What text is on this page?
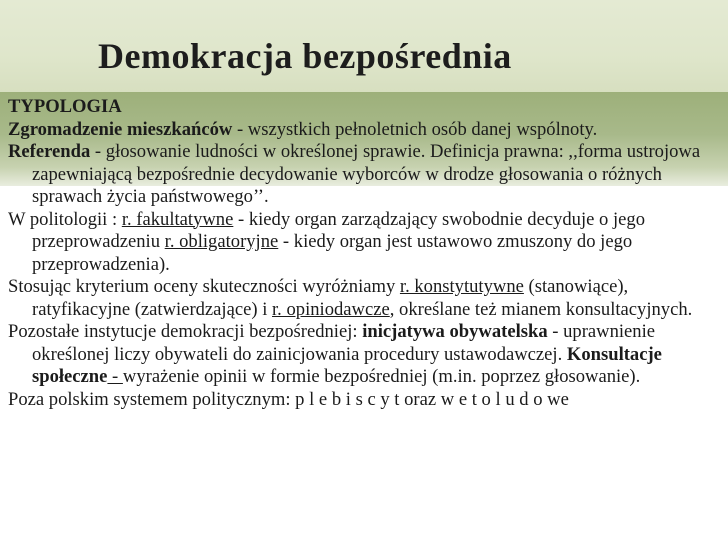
Demokracja bezpośrednia

TYPOLOGIA

Zgromadzenie mieszkańców - wszystkich pełnoletnich osób danej wspólnoty.

Referenda - głosowanie ludności w określonej sprawie. Definicja prawna: ,,forma ustrojowa zapewniającą bezpośrednie decydowanie wyborców w drodze głosowania o różnych sprawach życia państwowego’’.

W politologii : r. fakultatywne - kiedy organ zarządzający swobodnie decyduje o jego przeprowadzeniu r. obligatoryjne - kiedy organ jest ustawowo zmuszony do jego przeprowadzenia).

Stosując kryterium oceny skuteczności wyróżniamy r. konstytutywne (stanowiące), ratyfikacyjne (zatwierdzające) i r. opiniodawcze, określane też mianem konsultacyjnych.

Pozostałe instytucje demokracji bezpośredniej: inicjatywa obywatelska - uprawnienie określonej liczy obywateli do zainicjowania procedury ustawodawczej. Konsultacje społeczne - wyrażenie opinii w formie bezpośredniej (m.in. poprzez głosowanie).

Poza polskim systemem politycznym: p l e b i s c y t oraz w e t o l u d o we
